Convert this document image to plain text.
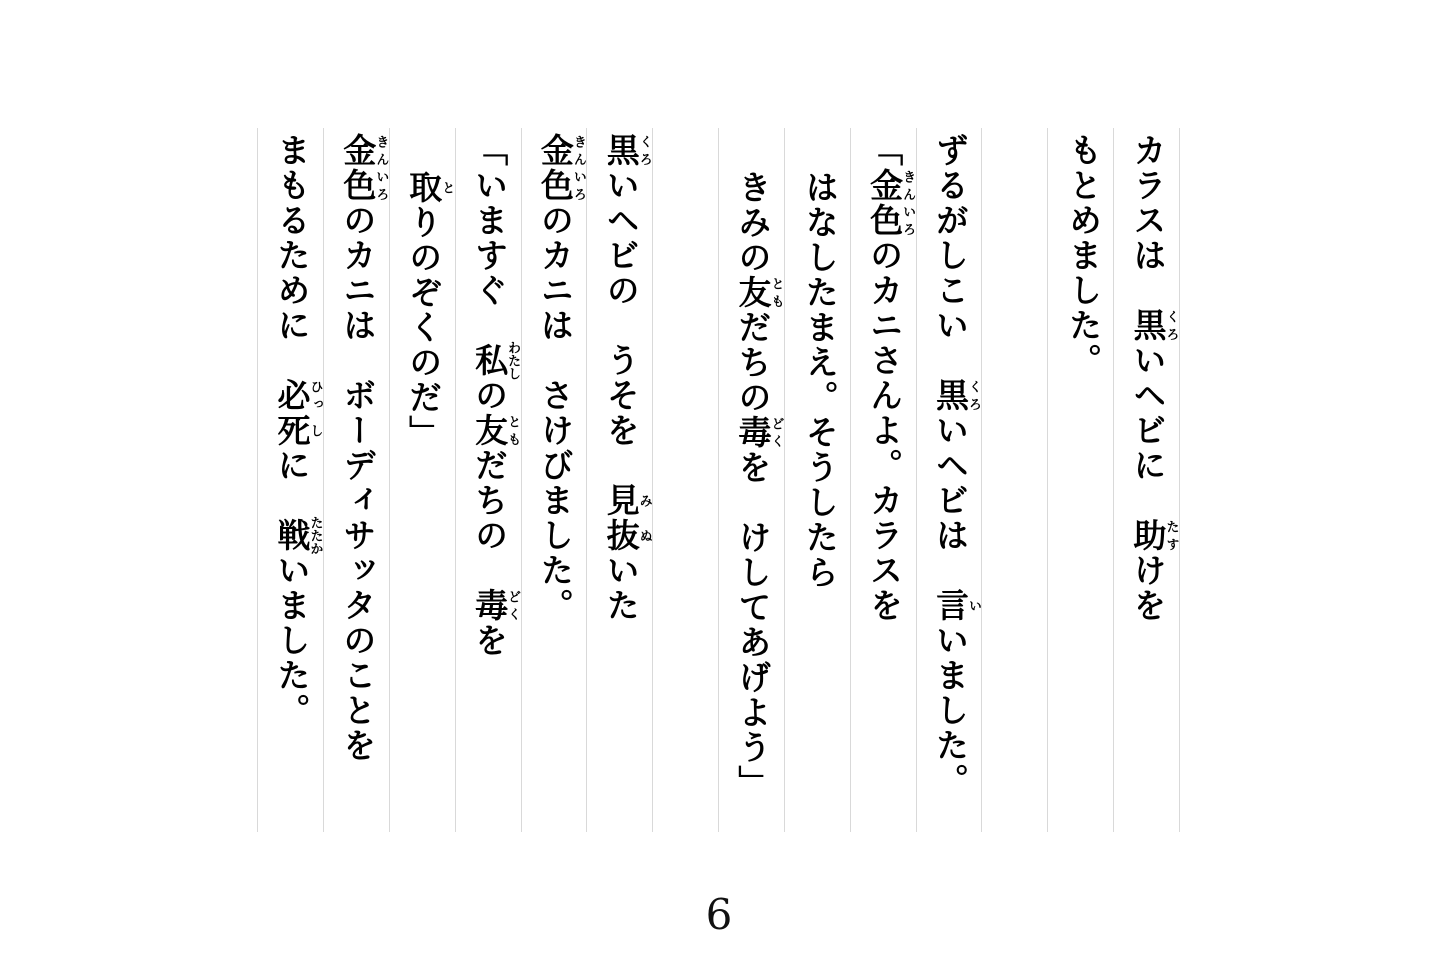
カラスは　黒くろいヘビに　助たすけを
もとめました。
ずるがしこい　黒くろいヘビは　言いいました。
「金きん色いろのカニさんよ。カラスを
はなしたまえ。そうしたら
きみの友ともだちの毒どくを　けしてあげよう」
黒くろいヘビの　うそを　見み抜ぬいた
金きん色いろのカニは　さけびました。
「いますぐ　私わたしの友ともだちの　毒どくを
取とりのぞくのだ」
金きん色いろのカニは　ボーディサッタのことを
まもるために　必ひっ死しに　戦たたかいました。
6
